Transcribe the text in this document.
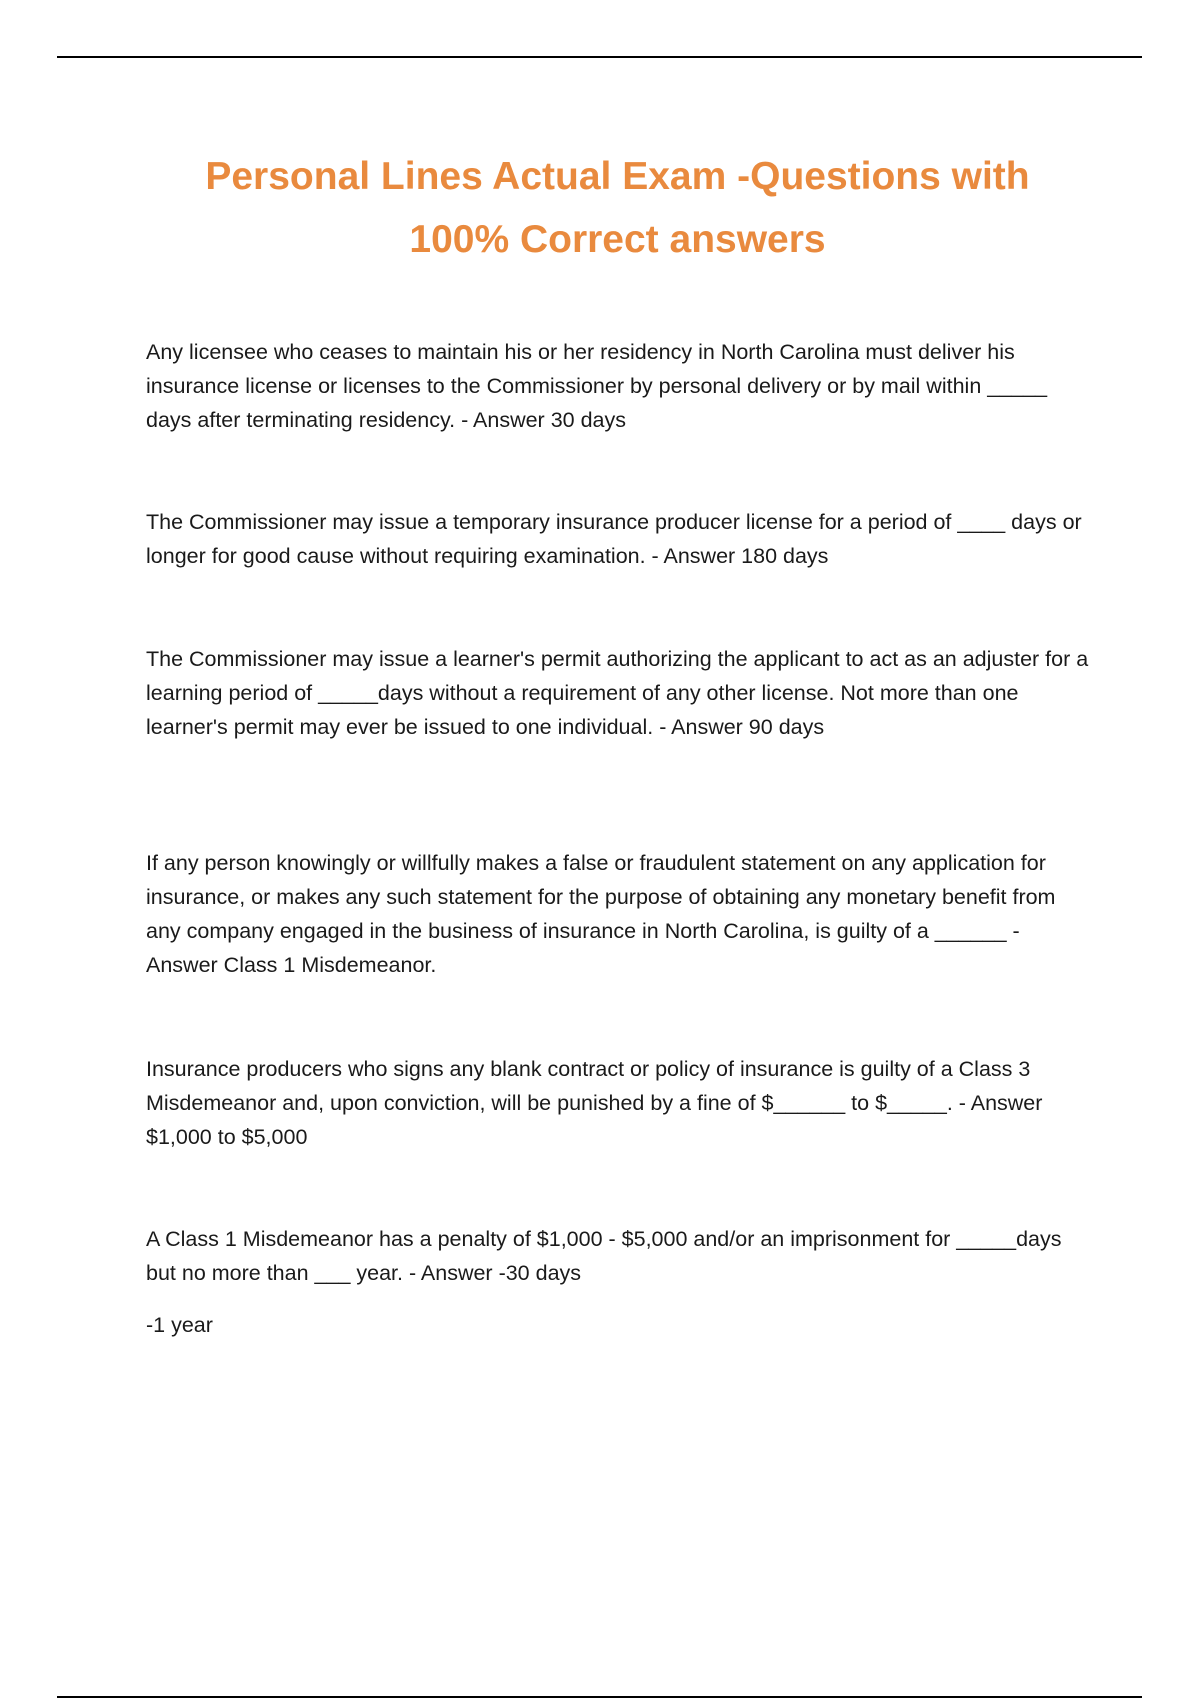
Personal Lines Actual Exam -Questions with
100% Correct answers

Any licensee who ceases to maintain his or her residency in North Carolina must deliver his insurance license or licenses to the Commissioner by personal delivery or by mail within _____ days after terminating residency. - Answer 30 days

The Commissioner may issue a temporary insurance producer license for a period of ____ days or longer for good cause without requiring examination. - Answer 180 days

The Commissioner may issue a learner's permit authorizing the applicant to act as an adjuster for a learning period of _____days without a requirement of any other license. Not more than one learner's permit may ever be issued to one individual. - Answer 90 days

If any person knowingly or willfully makes a false or fraudulent statement on any application for insurance, or makes any such statement for the purpose of obtaining any monetary benefit from any company engaged in the business of insurance in North Carolina, is guilty of a ______ - Answer Class 1 Misdemeanor.

Insurance producers who signs any blank contract or policy of insurance is guilty of a Class 3 Misdemeanor and, upon conviction, will be punished by a fine of $______ to $_____. - Answer $1,000 to $5,000

A Class 1 Misdemeanor has a penalty of $1,000 - $5,000 and/or an imprisonment for _____days but no more than ___ year. - Answer -30 days

-1 year
